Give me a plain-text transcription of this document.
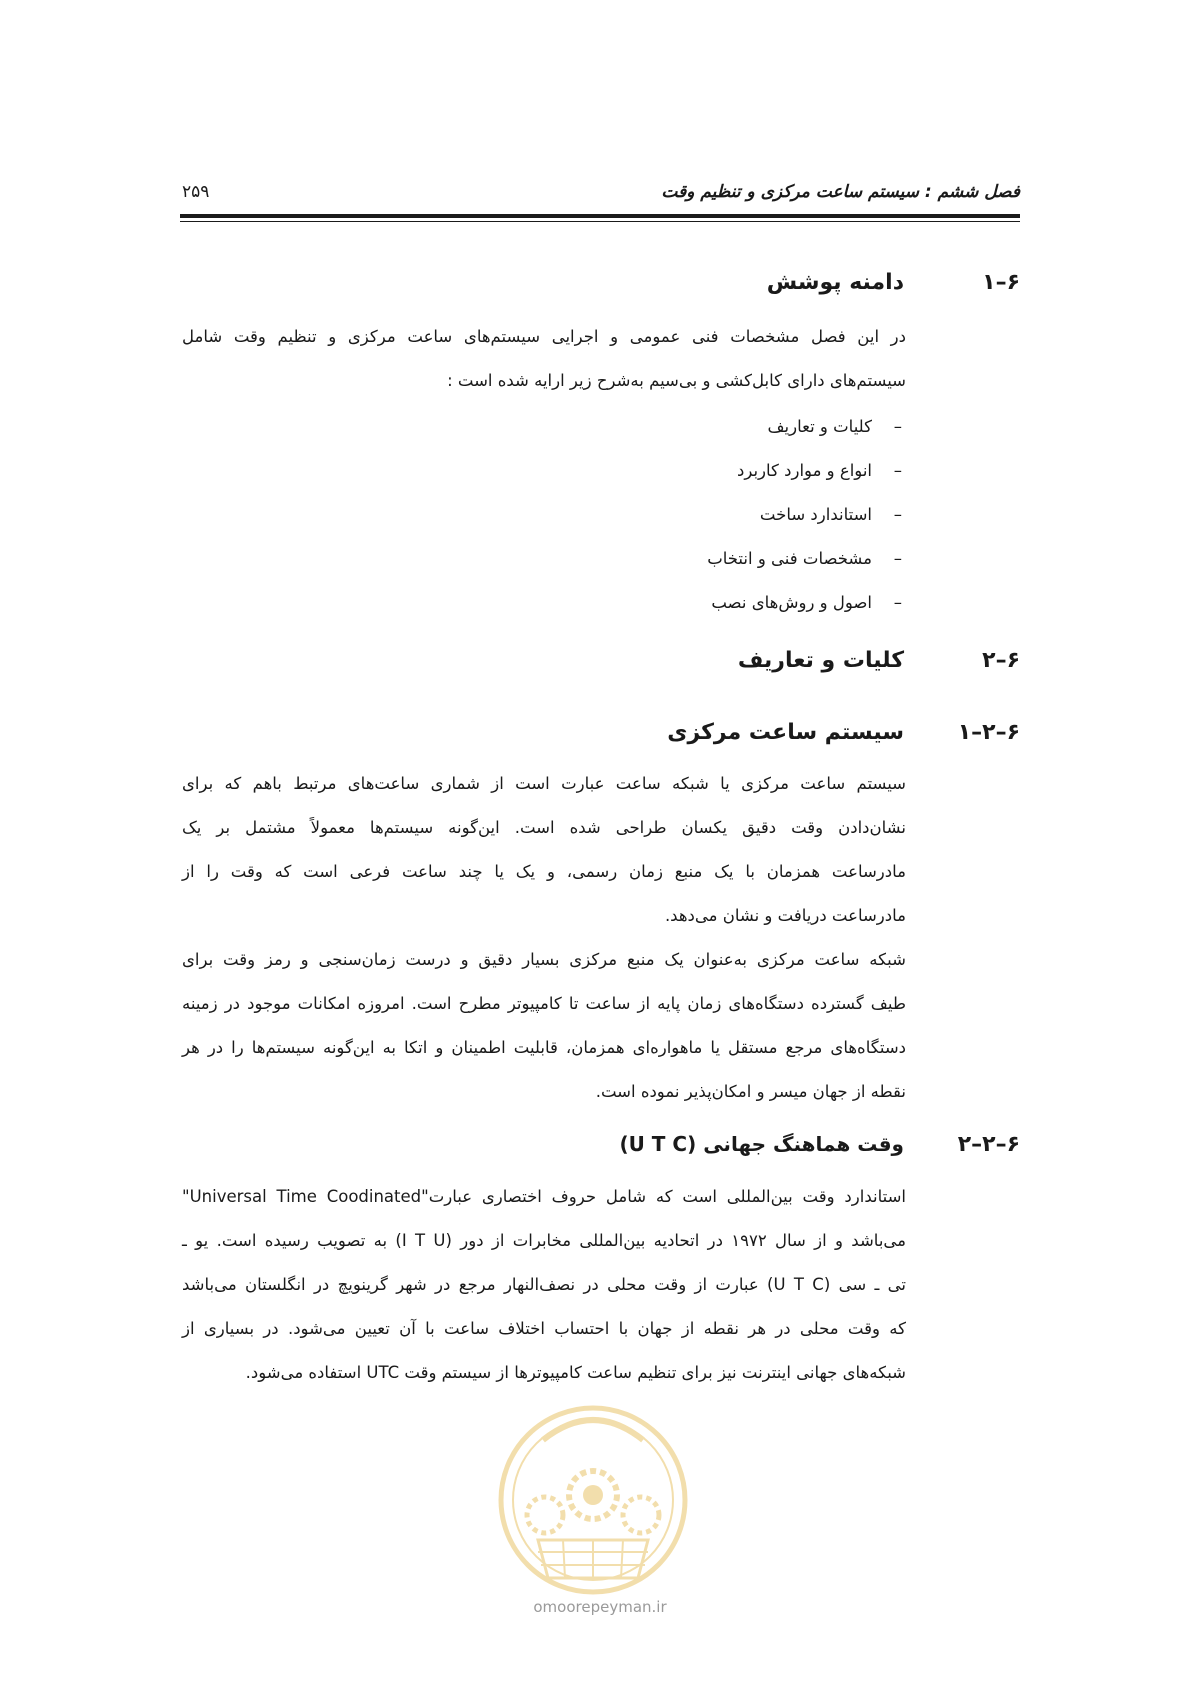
فصل ششم : سیستم ساعت مرکزی و تنظیم وقت
۲۵۹
۶–۱
دامنه پوشش
در این فصل مشخصات فنی عمومی و اجرایی سیستم‌های ساعت مرکزی و تنظیم وقت شامل
سیستم‌های دارای کابل‌کشی و بی‌سیم به‌شرح زیر ارایه شده است :
–
کلیات و تعاریف
–
انواع و موارد کاربرد
–
استاندارد ساخت
–
مشخصات فنی و انتخاب
–
اصول و روش‌های نصب
۶–۲
کلیات و تعاریف
۶–۲–۱
سیستم ساعت مرکزی
سیستم ساعت مرکزی یا شبکه ساعت عبارت است از شماری ساعت‌های مرتبط باهم که برای
نشان‌دادن وقت دقیق یکسان طراحی شده است. این‌گونه سیستم‌ها معمولاً مشتمل بر یک
مادرساعت همزمان با یک منبع زمان رسمی، و یک یا چند ساعت فرعی است که وقت را از
مادرساعت دریافت و نشان می‌دهد.
شبکه ساعت مرکزی به‌عنوان یک منبع مرکزی بسیار دقیق و درست زمان‌سنجی و رمز وقت برای
طیف گسترده دستگاه‌های زمان پایه از ساعت تا کامپیوتر مطرح است. امروزه امکانات موجود در زمینه
دستگاه‌های مرجع مستقل یا ماهواره‌ای همزمان، قابلیت اطمینان و اتکا به این‌گونه سیستم‌ها را در هر
نقطه از جهان میسر و امکان‌پذیر نموده است.
۶–۲–۲
وقت هماهنگ جهانی (U T C)
استاندارد وقت بین‌المللی است که شامل حروف اختصاری عبارت"Universal Time Coodinated"
می‌باشد و از سال ۱۹۷۲ در اتحادیه بین‌المللی مخابرات از دور (I T U) به تصویب رسیده است. یو ـ
تی ـ سی (U T C) عبارت از وقت محلی در نصف‌النهار مرجع در شهر گرینویچ در انگلستان می‌باشد
که وقت محلی در هر نقطه از جهان با احتساب اختلاف ساعت با آن تعیین می‌شود. در بسیاری از
شبکه‌های جهانی اینترنت نیز برای تنظیم ساعت کامپیوترها از سیستم وقت UTC استفاده می‌شود.
omoorepeyman.ir
